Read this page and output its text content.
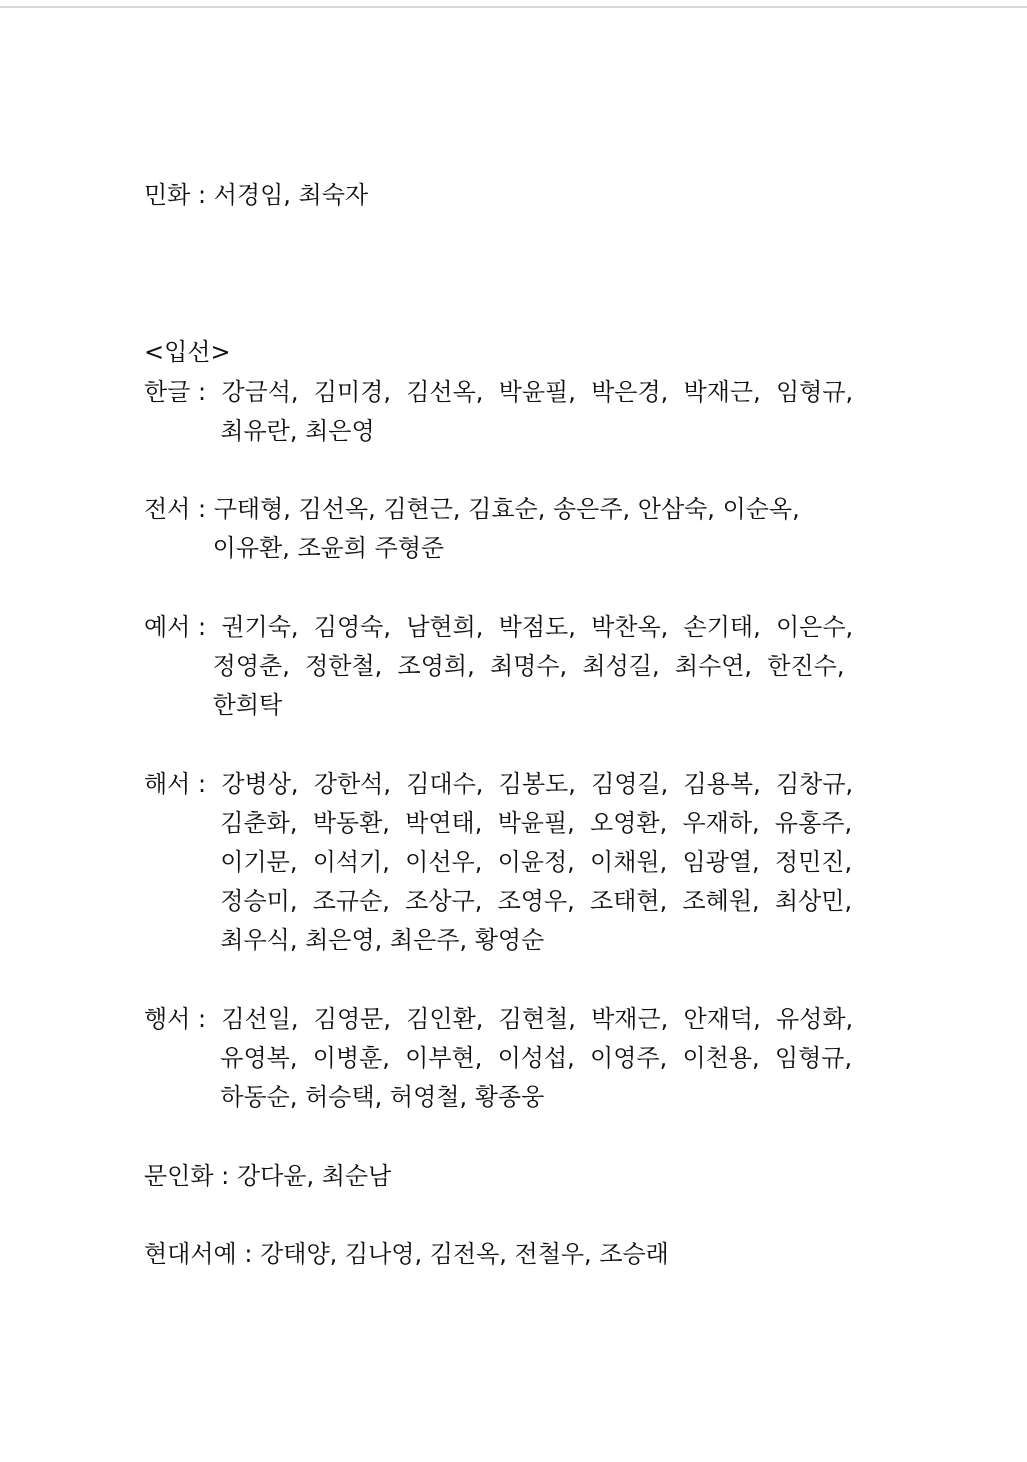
민화 : 서경임, 최숙자
<입선>
한글 :  강금석,  김미경,  김선옥,  박윤필,  박은경,  박재근,  임형규,
최유란, 최은영
전서 : 구태형, 김선옥, 김현근, 김효순, 송은주, 안삼숙, 이순옥,
이유환, 조윤희 주형준
예서 :  권기숙,  김영숙,  남현희,  박점도,  박찬옥,  손기태,  이은수,
정영춘,  정한철,  조영희,  최명수,  최성길,  최수연,  한진수,
한희탁
해서 :  강병상,  강한석,  김대수,  김봉도,  김영길,  김용복,  김창규,
김춘화,  박동환,  박연태,  박윤필,  오영환,  우재하,  유홍주,
이기문,  이석기,  이선우,  이윤정,  이채원,  임광열,  정민진,
정승미,  조규순,  조상구,  조영우,  조태현,  조혜원,  최상민,
최우식, 최은영, 최은주, 황영순
행서 :  김선일,  김영문,  김인환,  김현철,  박재근,  안재덕,  유성화,
유영복,  이병훈,  이부현,  이성섭,  이영주,  이천용,  임형규,
하동순, 허승택, 허영철, 황종웅
문인화 : 강다윤, 최순남
현대서예 : 강태양, 김나영, 김전옥, 전철우, 조승래
